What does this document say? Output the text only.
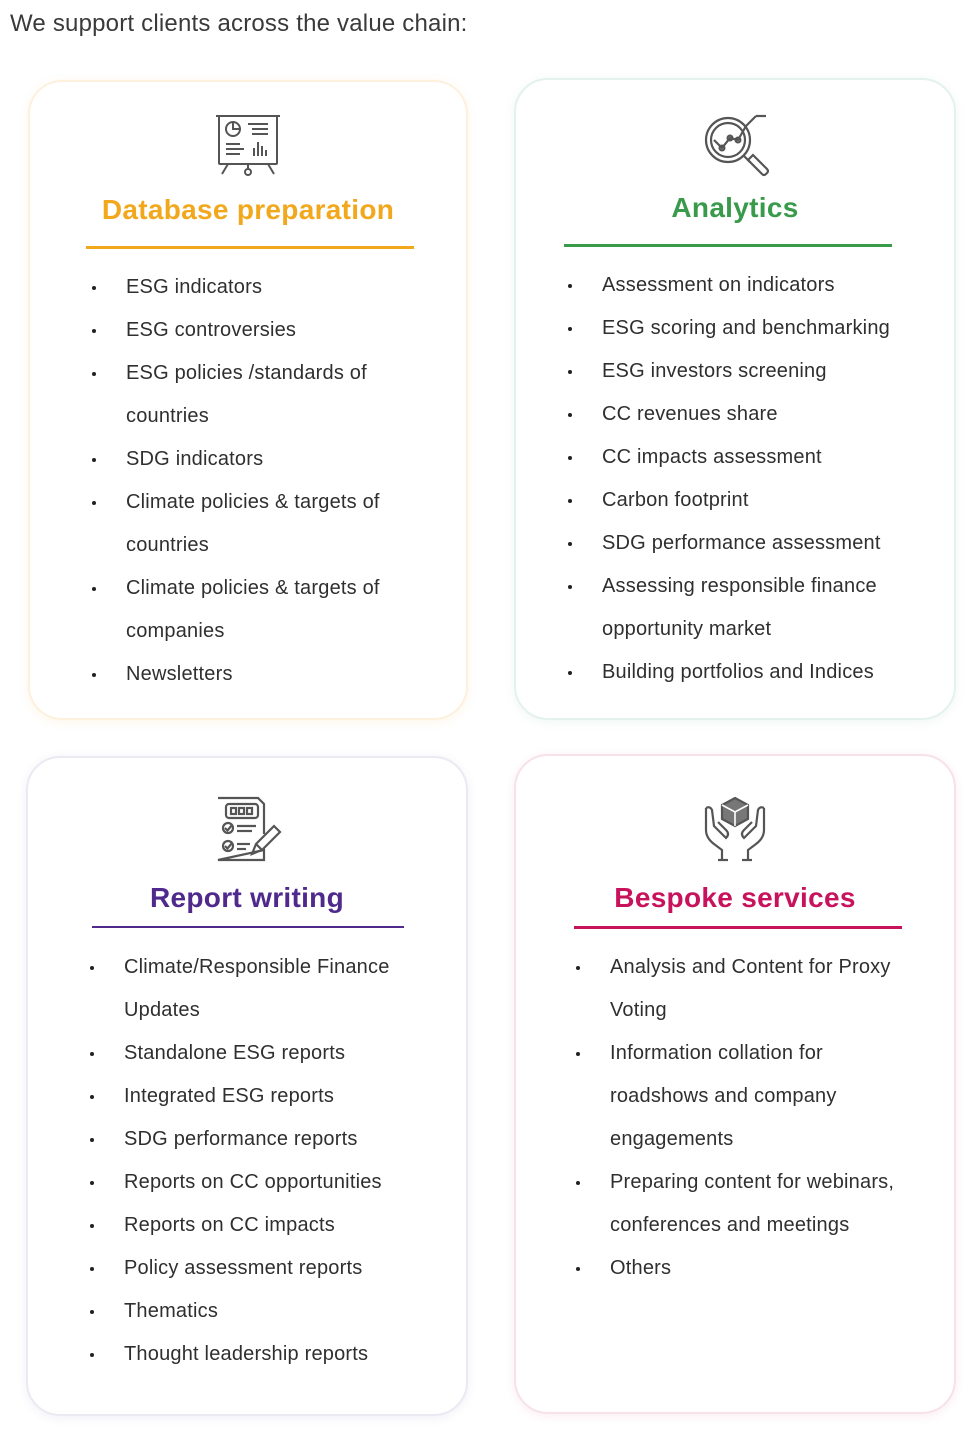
We support clients across the value chain:
Database preparation
ESG indicators
ESG controversies
ESG policies /standards of countries
SDG indicators
Climate policies & targets of countries
Climate policies & targets of companies
Newsletters
Analytics
Assessment on indicators
ESG scoring and benchmarking
ESG investors screening
CC revenues share
CC impacts assessment
Carbon footprint
SDG performance assessment
Assessing responsible finance opportunity market
Building portfolios and Indices
Report writing
Climate/Responsible Finance Updates
Standalone ESG reports
Integrated ESG reports
SDG performance reports
Reports on CC opportunities
Reports on CC impacts
Policy assessment reports
Thematics
Thought leadership reports
Bespoke services
Analysis and Content for Proxy Voting
Information collation for roadshows and company engagements
Preparing content for webinars, conferences and meetings
Others
